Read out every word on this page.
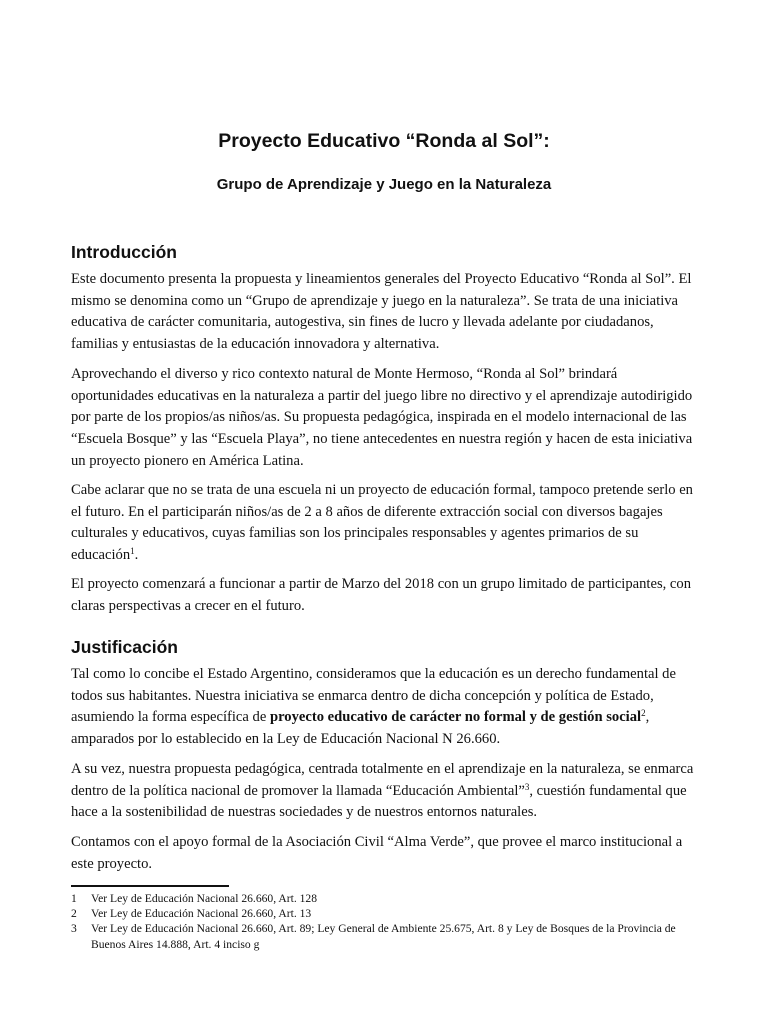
Proyecto Educativo “Ronda al Sol”:
Grupo de Aprendizaje y Juego en la Naturaleza
Introducción

Este documento presenta la propuesta y lineamientos generales del Proyecto Educativo “Ronda al Sol”. El mismo se denomina como un “Grupo de aprendizaje y juego en la naturaleza”. Se trata de una iniciativa educativa de carácter comunitaria, autogestiva, sin fines de lucro y llevada adelante por ciudadanos, familias y entusiastas de la educación innovadora y alternativa.

Aprovechando el diverso y rico contexto natural de Monte Hermoso, “Ronda al Sol” brindará oportunidades educativas en la naturaleza a partir del juego libre no directivo y el aprendizaje autodirigido por parte de los propios/as niños/as. Su propuesta pedagógica, inspirada en el modelo internacional de las “Escuela Bosque” y las “Escuela Playa”, no tiene antecedentes en nuestra región y hacen de esta iniciativa un proyecto pionero en América Latina.

Cabe aclarar que no se trata de una escuela ni un proyecto de educación formal, tampoco pretende serlo en el futuro. En el participarán niños/as de 2 a 8 años de diferente extracción social con diversos bagajes culturales y educativos, cuyas familias son los principales responsables y agentes primarios de su educación$^1$.

El proyecto comenzará a funcionar a partir de Marzo del 2018 con un grupo limitado de participantes, con claras perspectivas a crecer en el futuro.

Justificación

Tal como lo concibe el Estado Argentino, consideramos que la educación es un derecho fundamental de todos sus habitantes. Nuestra iniciativa se enmarca dentro de dicha concepción y política de Estado, asumiendo la forma específica de proyecto educativo de carácter no formal y de gestión social$^2$, amparados por lo establecido en la Ley de Educación Nacional N 26.660.

A su vez, nuestra propuesta pedagógica, centrada totalmente en el aprendizaje en la naturaleza, se enmarca dentro de la política nacional de promover la llamada “Educación Ambiental”$^3$, cuestión fundamental que hace a la sostenibilidad de nuestras sociedades y de nuestros entornos naturales.

Contamos con el apoyo formal de la Asociación Civil “Alma Verde”, que provee el marco institucional a este proyecto.

1	Ver Ley de Educación Nacional 26.660, Art. 128
2	Ver Ley de Educación Nacional 26.660, Art. 13
3	Ver Ley de Educación Nacional 26.660, Art. 89; Ley General de Ambiente 25.675, Art. 8 y Ley de Bosques de la Provincia de Buenos Aires 14.888, Art. 4 inciso g
